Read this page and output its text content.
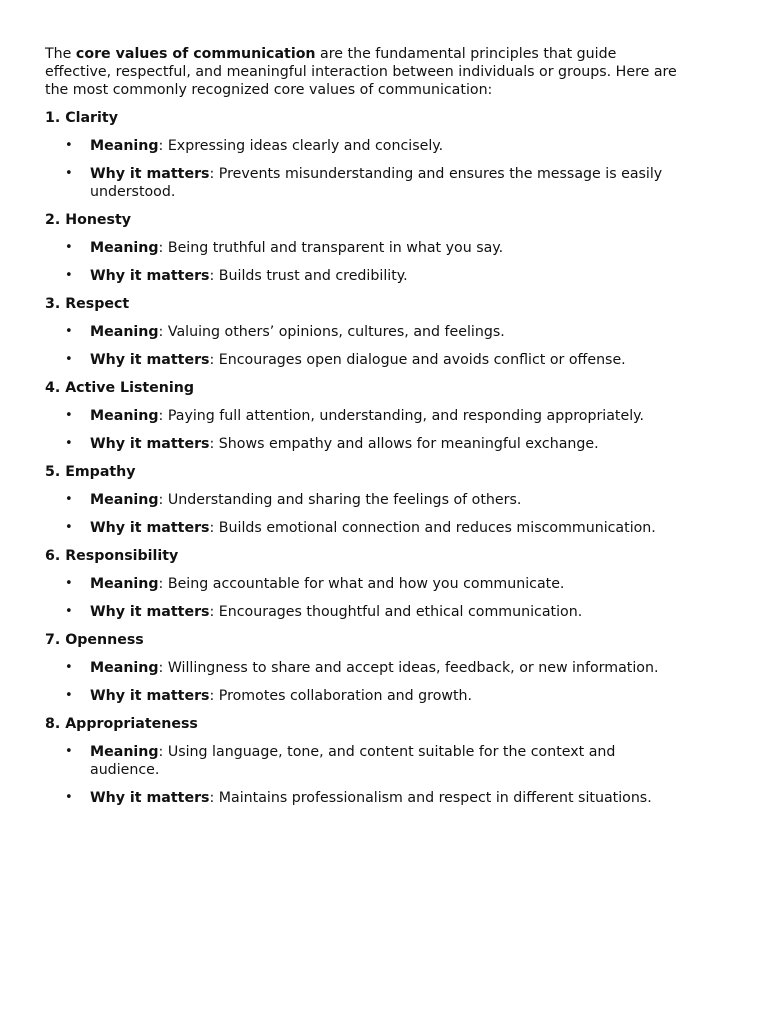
The core values of communication are the fundamental principles that guide effective, respectful, and meaningful interaction between individuals or groups. Here are the most commonly recognized core values of communication:

1. Clarity
• Meaning: Expressing ideas clearly and concisely.
• Why it matters: Prevents misunderstanding and ensures the message is easily understood.
2. Honesty
• Meaning: Being truthful and transparent in what you say.
• Why it matters: Builds trust and credibility.
3. Respect
• Meaning: Valuing others’ opinions, cultures, and feelings.
• Why it matters: Encourages open dialogue and avoids conflict or offense.
4. Active Listening
• Meaning: Paying full attention, understanding, and responding appropriately.
• Why it matters: Shows empathy and allows for meaningful exchange.
5. Empathy
• Meaning: Understanding and sharing the feelings of others.
• Why it matters: Builds emotional connection and reduces miscommunication.
6. Responsibility
• Meaning: Being accountable for what and how you communicate.
• Why it matters: Encourages thoughtful and ethical communication.
7. Openness
• Meaning: Willingness to share and accept ideas, feedback, or new information.
• Why it matters: Promotes collaboration and growth.
8. Appropriateness
• Meaning: Using language, tone, and content suitable for the context and audience.
• Why it matters: Maintains professionalism and respect in different situations.
